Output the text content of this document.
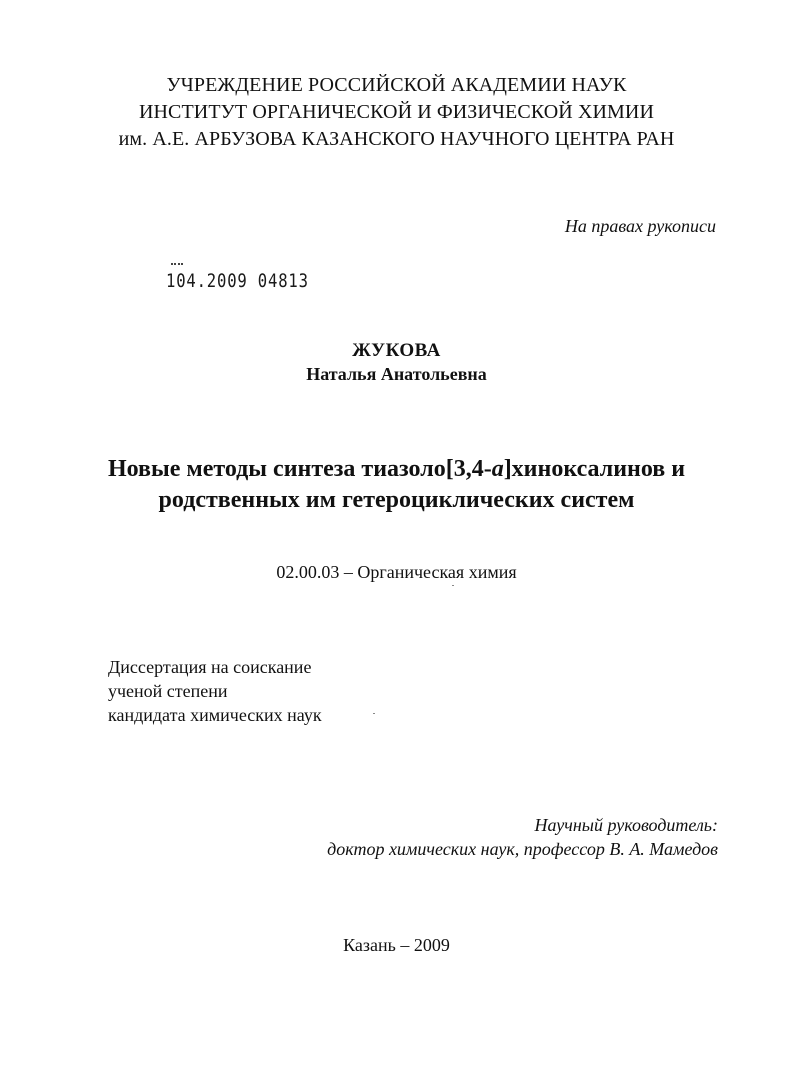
УЧРЕЖДЕНИЕ РОССИЙСКОЙ АКАДЕМИИ НАУК
ИНСТИТУТ ОРГАНИЧЕСКОЙ И ФИЗИЧЕСКОЙ ХИМИИ
им. А.Е. АРБУЗОВА КАЗАНСКОГО НАУЧНОГО ЦЕНТРА РАН
На правах рукописи
104.2009 04813
ЖУКОВА
Наталья Анатольевна
Новые методы синтеза тиазоло[3,4-a]хиноксалинов и
родственных им гетероциклических систем
02.00.03 – Органическая химия
Диссертация на соискание
ученой степени
кандидата химических наук
Научный руководитель:
доктор химических наук, профессор В. А. Мамедов
Казань – 2009
